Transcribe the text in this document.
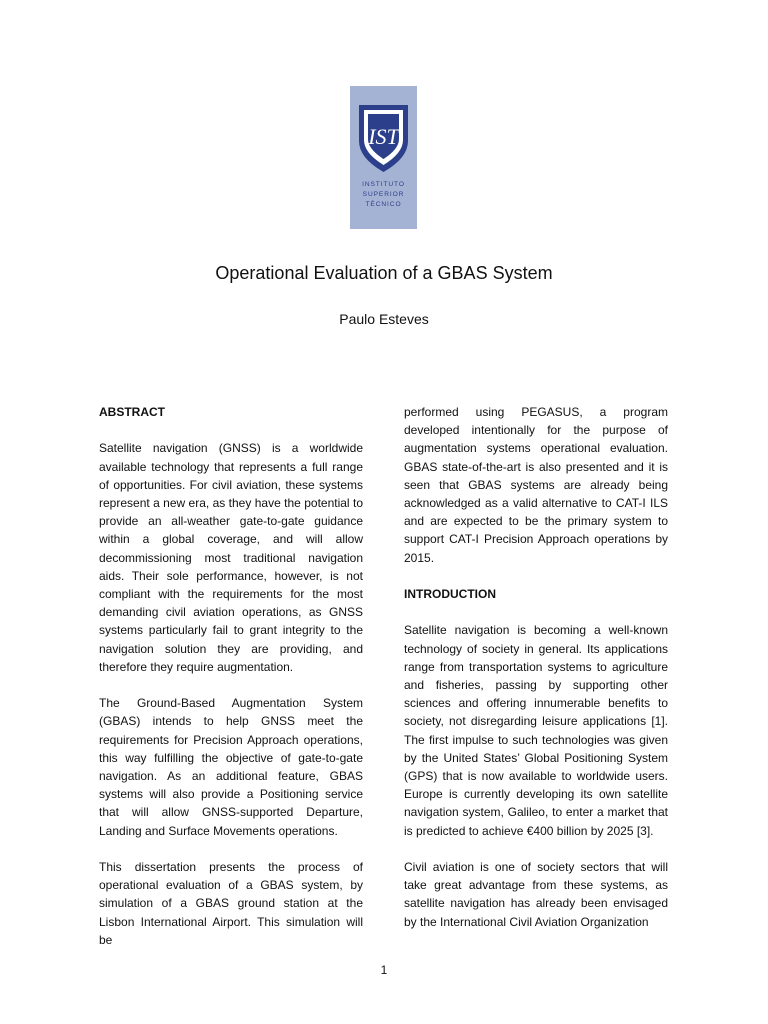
IST
INSTITUTO
SUPERIOR
TÉCNICO
Operational Evaluation of a GBAS System
Paulo Esteves
ABSTRACT

Satellite navigation (GNSS) is a worldwide available technology that represents a full range of opportunities. For civil aviation, these systems represent a new era, as they have the potential to provide an all-weather gate-to-gate guidance within a global coverage, and will allow decommissioning most traditional navigation aids. Their sole performance, however, is not compliant with the requirements for the most demanding civil aviation operations, as GNSS systems particularly fail to grant integrity to the navigation solution they are providing, and therefore they require augmentation.

The Ground-Based Augmentation System (GBAS) intends to help GNSS meet the requirements for Precision Approach operations, this way fulfilling the objective of gate-to-gate navigation. As an additional feature, GBAS systems will also provide a Positioning service that will allow GNSS-supported Departure, Landing and Surface Movements operations.

This dissertation presents the process of operational evaluation of a GBAS system, by simulation of a GBAS ground station at the Lisbon International Airport. This simulation will be

performed using PEGASUS, a program developed intentionally for the purpose of augmentation systems operational evaluation. GBAS state-of-the-art is also presented and it is seen that GBAS systems are already being acknowledged as a valid alternative to CAT-I ILS and are expected to be the primary system to support CAT-I Precision Approach operations by 2015.

INTRODUCTION

Satellite navigation is becoming a well-known technology of society in general. Its applications range from transportation systems to agriculture and fisheries, passing by supporting other sciences and offering innumerable benefits to society, not disregarding leisure applications [1]. The first impulse to such technologies was given by the United States’ Global Positioning System (GPS) that is now available to worldwide users. Europe is currently developing its own satellite navigation system, Galileo, to enter a market that is predicted to achieve €400 billion by 2025 [3].

Civil aviation is one of society sectors that will take great advantage from these systems, as satellite navigation has already been envisaged by the International Civil Aviation Organization

1
